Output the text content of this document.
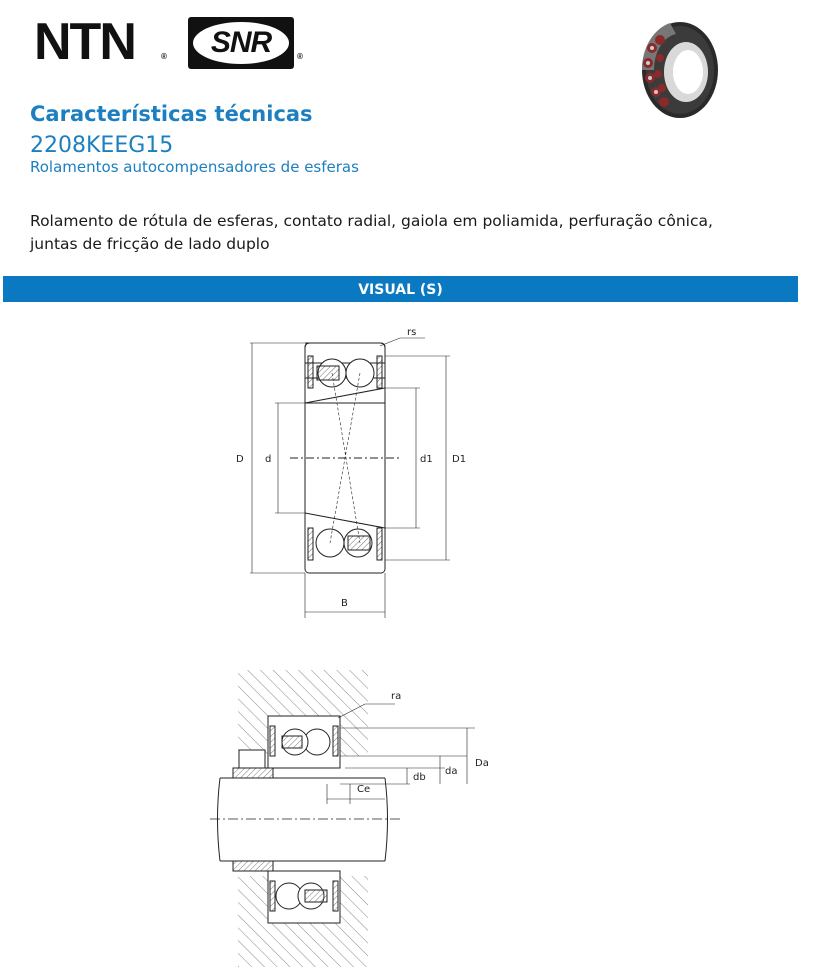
NTN	®	SNR	®
Características técnicas
2208KEEG15
Rolamentos autocompensadores de esferas
Rolamento de rótula de esferas, contato radial, gaiola em poliamida, perfuração cônica, juntas de fricção de lado duplo
VISUAL (S)
D d	d1 D1
B
rs
ra
Da
da
db
Ce
